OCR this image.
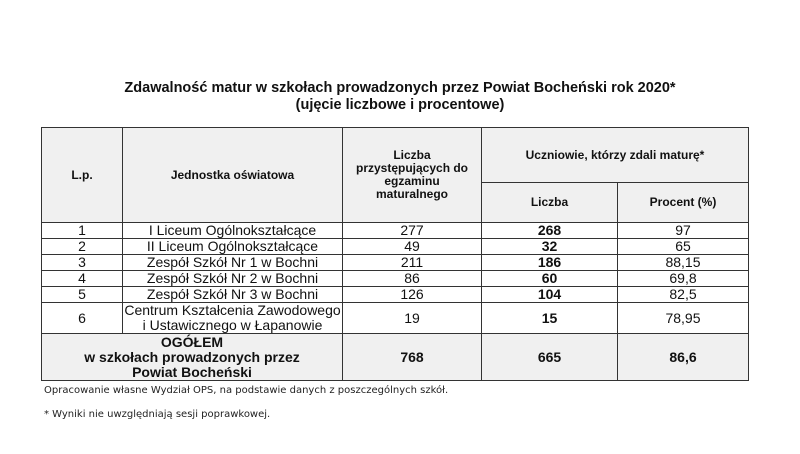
Zdawalność matur w szkołach prowadzonych przez Powiat Bocheński rok 2020*
(ujęcie liczbowe i procentowe)
L.p.	Jednostka oświatowa	Liczba przystępujących do egzaminu maturalnego	Uczniowie, którzy zdali maturę*	
			Liczba	Procent (%)
1	I Liceum Ogólnokształcące	277	268	97
2	II Liceum Ogólnokształcące	49	32	65
3	Zespół Szkół Nr 1 w Bochni	211	186	88,15
4	Zespół Szkół Nr 2 w Bochni	86	60	69,8
5	Zespół Szkół Nr 3 w Bochni	126	104	82,5
6	Centrum Kształcenia Zawodowego
i Ustawicznego w Łapanowie	19	15	78,95

OGÓŁEM
w szkołach prowadzonych przez
Powiat Bocheński		768	665	86,6
Opracowanie własne Wydział OPS, na podstawie danych z poszczególnych szkół.
* Wyniki nie uwzględniają sesji poprawkowej.
